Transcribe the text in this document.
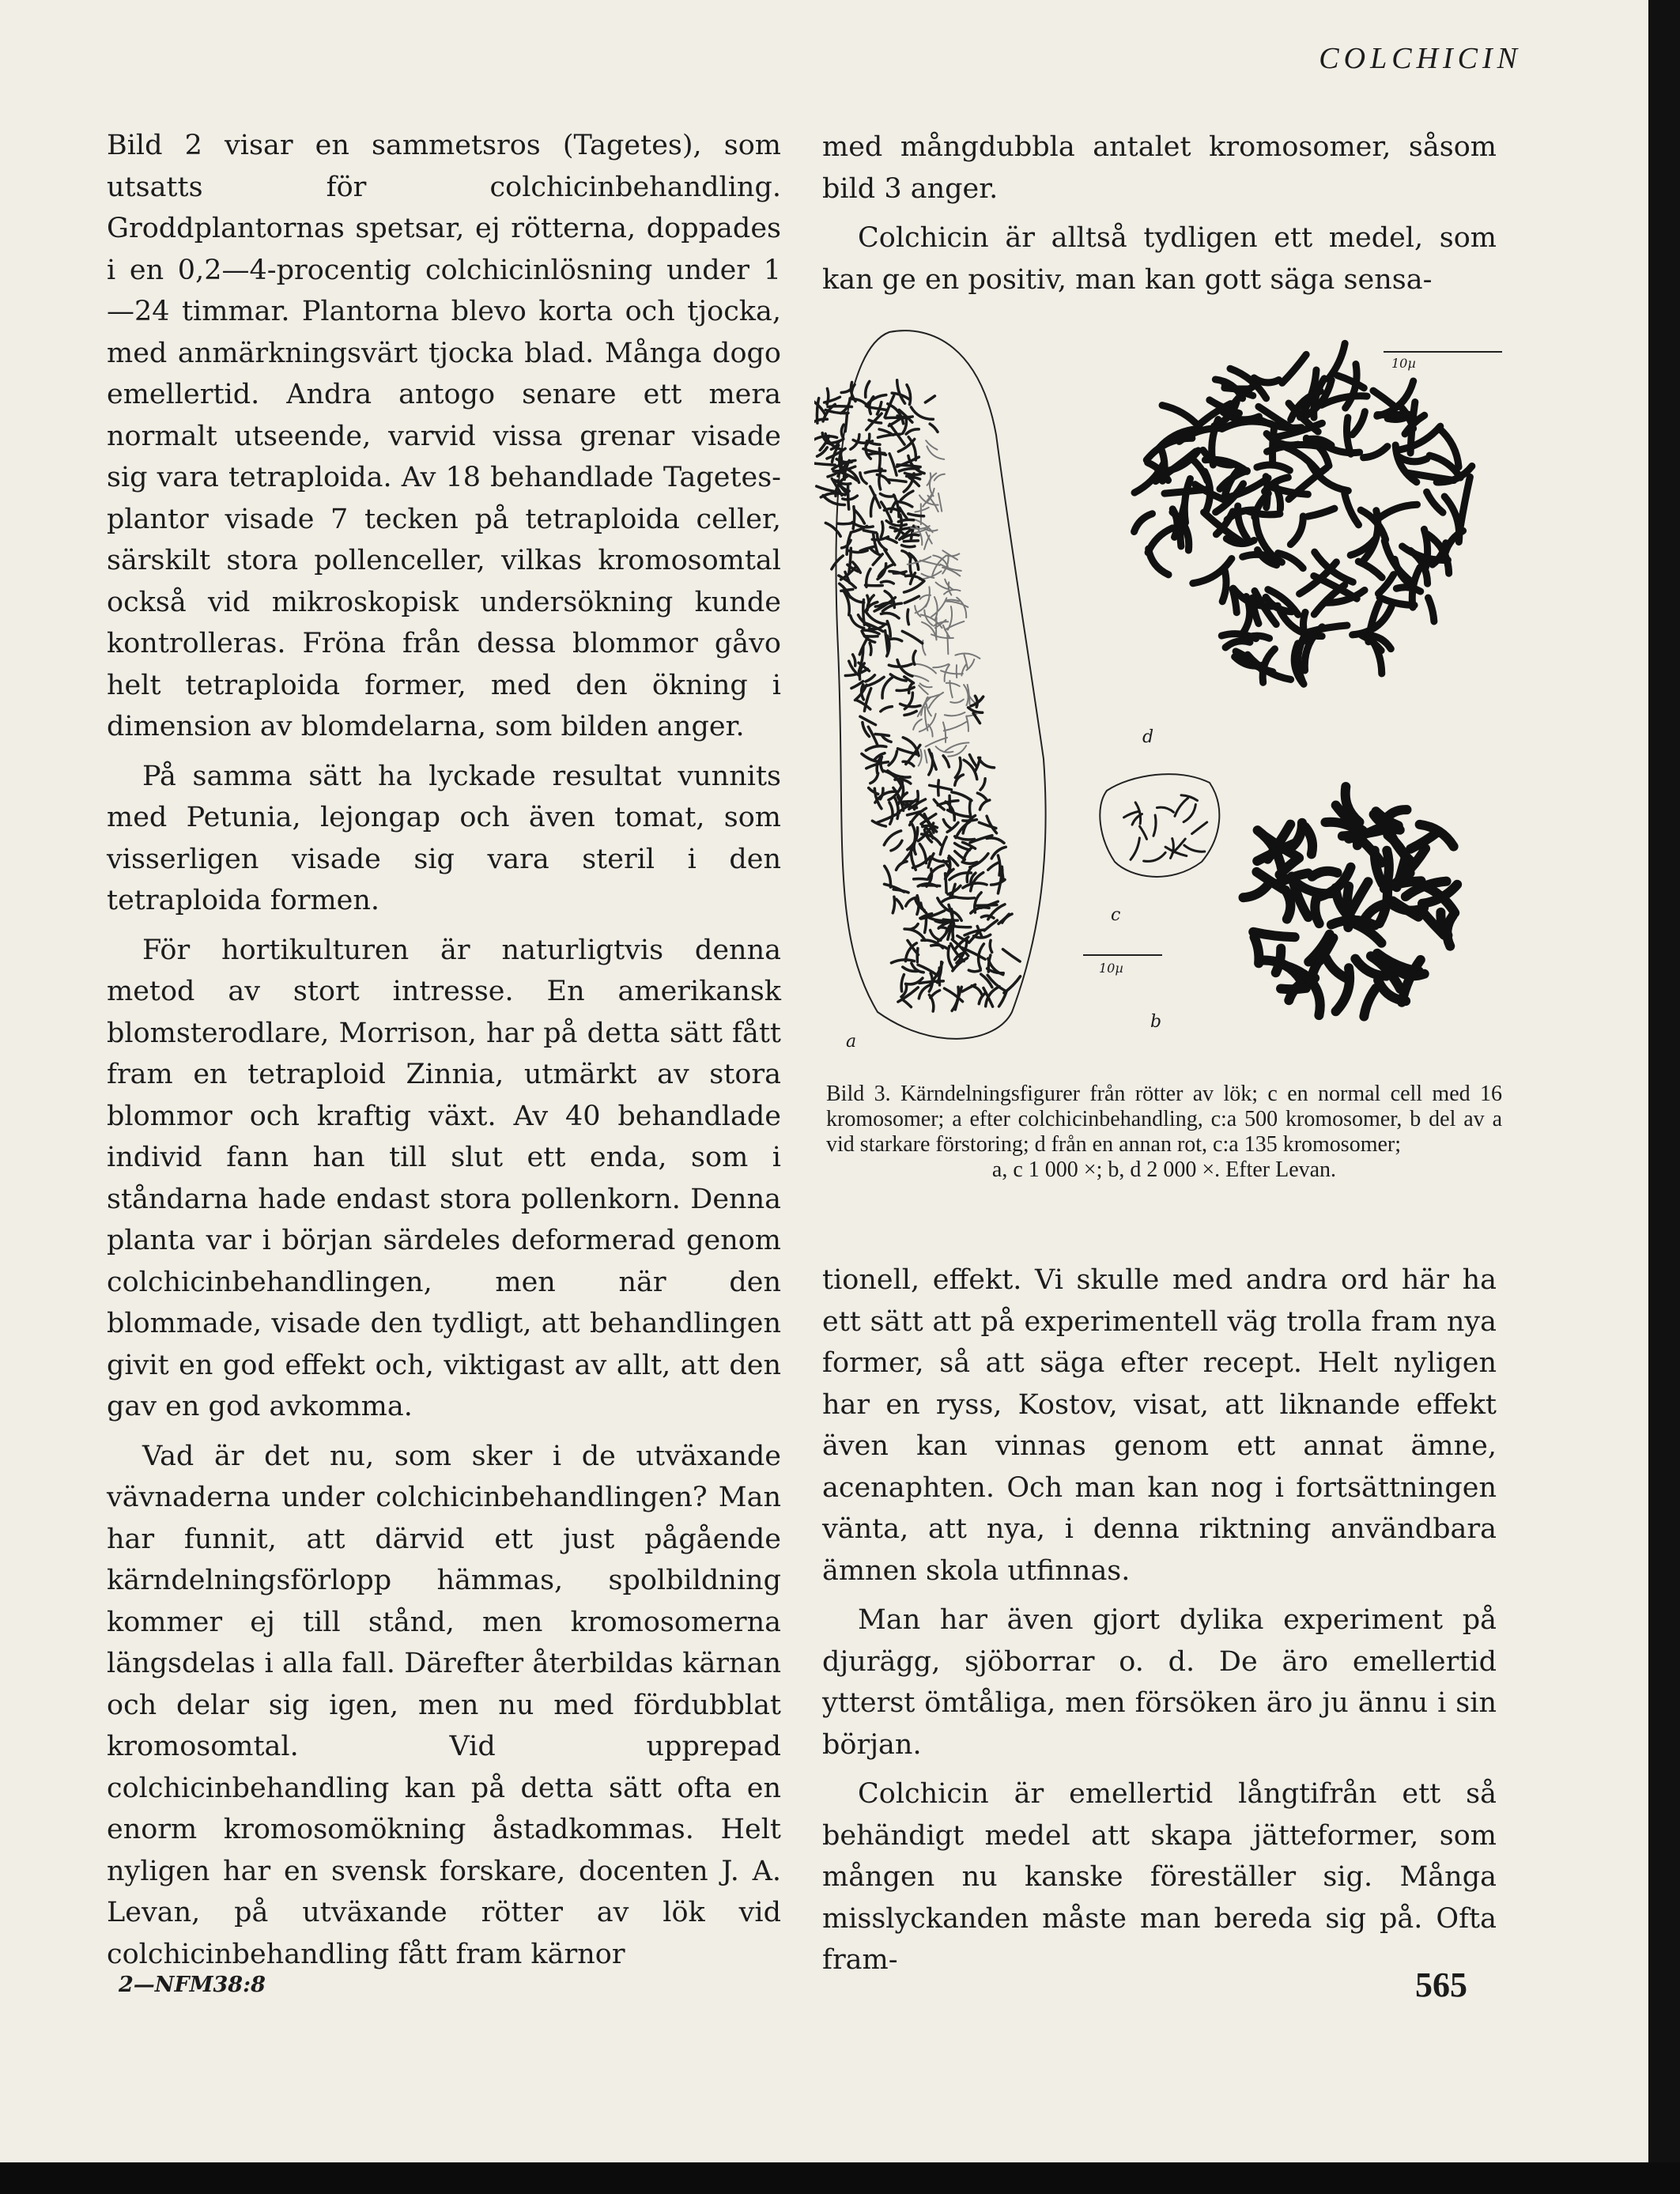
COLCHICIN

Bild 2 visar en sammetsros (Tagetes), som utsatts för colchicinbehandling. Groddplantornas spetsar, ej rötterna, doppades i en 0,2—4-procentig colchicinlösning under 1—24 timmar. Plantorna blevo korta och tjocka, med anmärkningsvärt tjocka blad. Många dogo emellertid. Andra antogo senare ett mera normalt utseende, varvid vissa grenar visade sig vara tetraploida. Av 18 behandlade Tagetes-plantor visade 7 tecken på tetraploida celler, särskilt stora pollenceller, vilkas kromosomtal också vid mikroskopisk undersökning kunde kontrolleras. Fröna från dessa blommor gåvo helt tetraploida former, med den ökning i dimension av blomdelarna, som bilden anger.

På samma sätt ha lyckade resultat vunnits med Petunia, lejongap och även tomat, som visserligen visade sig vara steril i den tetraploida formen.

För hortikulturen är naturligtvis denna metod av stort intresse. En amerikansk blomsterodlare, Morrison, har på detta sätt fått fram en tetraploid Zinnia, utmärkt av stora blommor och kraftig växt. Av 40 behandlade individ fann han till slut ett enda, som i ståndarna hade endast stora pollenkorn. Denna planta var i början särdeles deformerad genom colchicinbehandlingen, men när den blommade, visade den tydligt, att behandlingen givit en god effekt och, viktigast av allt, att den gav en god avkomma.

Vad är det nu, som sker i de utväxande vävnaderna under colchicinbehandlingen? Man har funnit, att därvid ett just pågående kärndelningsförlopp hämmas, spolbildning kommer ej till stånd, men kromosomerna längsdelas i alla fall. Därefter återbildas kärnan och delar sig igen, men nu med fördubblat kromosomtal. Vid upprepad colchicinbehandling kan på detta sätt ofta en enorm kromosomökning åstadkommas. Helt nyligen har en svensk forskare, docenten J. A. Levan, på utväxande rötter av lök vid colchicinbehandling fått fram kärnor

med mångdubbla antalet kromosomer, såsom bild 3 anger.

Colchicin är alltså tydligen ett medel, som kan ge en positiv, man kan gott säga sensa-

a
b
c
d
10µ
10µ
Bild 3. Kärndelningsfigurer från rötter av lök; c en normal cell med 16 kromosomer; a efter colchicinbehandling, c:a 500 kromosomer, b del av a vid starkare förstoring; d från en annan rot, c:a 135 kromosomer;
a, c 1 000 ×; b, d 2 000 ×. Efter Levan.

tionell, effekt. Vi skulle med andra ord här ha ett sätt att på experimentell väg trolla fram nya former, så att säga efter recept. Helt nyligen har en ryss, Kostov, visat, att liknande effekt även kan vinnas genom ett annat ämne, acenaphten. Och man kan nog i fortsättningen vänta, att nya, i denna riktning användbara ämnen skola utfinnas.

Man har även gjort dylika experiment på djurägg, sjöborrar o. d. De äro emellertid ytterst ömtåliga, men försöken äro ju ännu i sin början.

Colchicin är emellertid långtifrån ett så behändigt medel att skapa jätteformer, som mången nu kanske föreställer sig. Många misslyckanden måste man bereda sig på. Ofta fram-

2—NFM38:8	565
